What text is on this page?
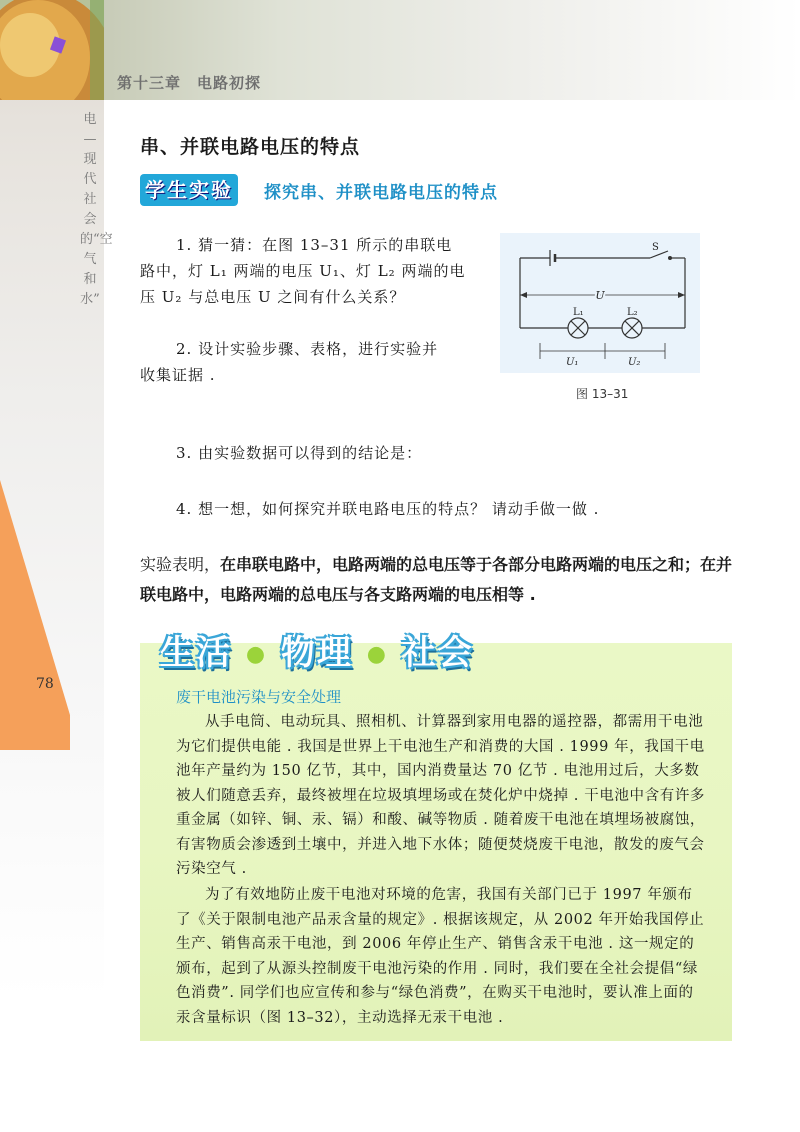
第十三章　电路初探
电—现代社会的“空气和水”
78
串、并联电路电压的特点
学生实验 探究串、并联电路电压的特点
1. 猜一猜：在图 13–31 所示的串联电
路中，灯 L₁ 两端的电压 U₁、灯 L₂ 两端的电
压 U₂ 与总电压 U 之间有什么关系？
2. 设计实验步骤、表格，进行实验并
收集证据 .
3. 由实验数据可以得到的结论是：
4. 想一想，如何探究并联电路电压的特点？ 请动手做一做 .
S
U
L₁	L₂
U₁	U₂
图 13–31
实验表明，在串联电路中，电路两端的总电压等于各部分电路两端的电压之和；在并联电路中，电路两端的总电压与各支路两端的电压相等 .
生活 ● 物理 ● 社会
废干电池污染与安全处理
从手电筒、电动玩具、照相机、计算器到家用电器的遥控器，都需用干电池为它们提供电能 . 我国是世界上干电池生产和消费的大国 . 1999 年，我国干电池年产量约为 150 亿节，其中，国内消费量达 70 亿节 . 电池用过后，大多数被人们随意丢弃，最终被埋在垃圾填埋场或在焚化炉中烧掉 . 干电池中含有许多重金属（如锌、铜、汞、镉）和酸、碱等物质 . 随着废干电池在填埋场被腐蚀，有害物质会渗透到土壤中，并进入地下水体；随便焚烧废干电池，散发的废气会污染空气 .
为了有效地防止废干电池对环境的危害，我国有关部门已于 1997 年颁布了《关于限制电池产品汞含量的规定》. 根据该规定，从 2002 年开始我国停止生产、销售高汞干电池，到 2006 年停止生产、销售含汞干电池 . 这一规定的颁布，起到了从源头控制废干电池污染的作用 . 同时，我们要在全社会提倡“绿色消费”. 同学们也应宣传和参与“绿色消费”，在购买干电池时，要认准上面的汞含量标识（图 13–32），主动选择无汞干电池 .
